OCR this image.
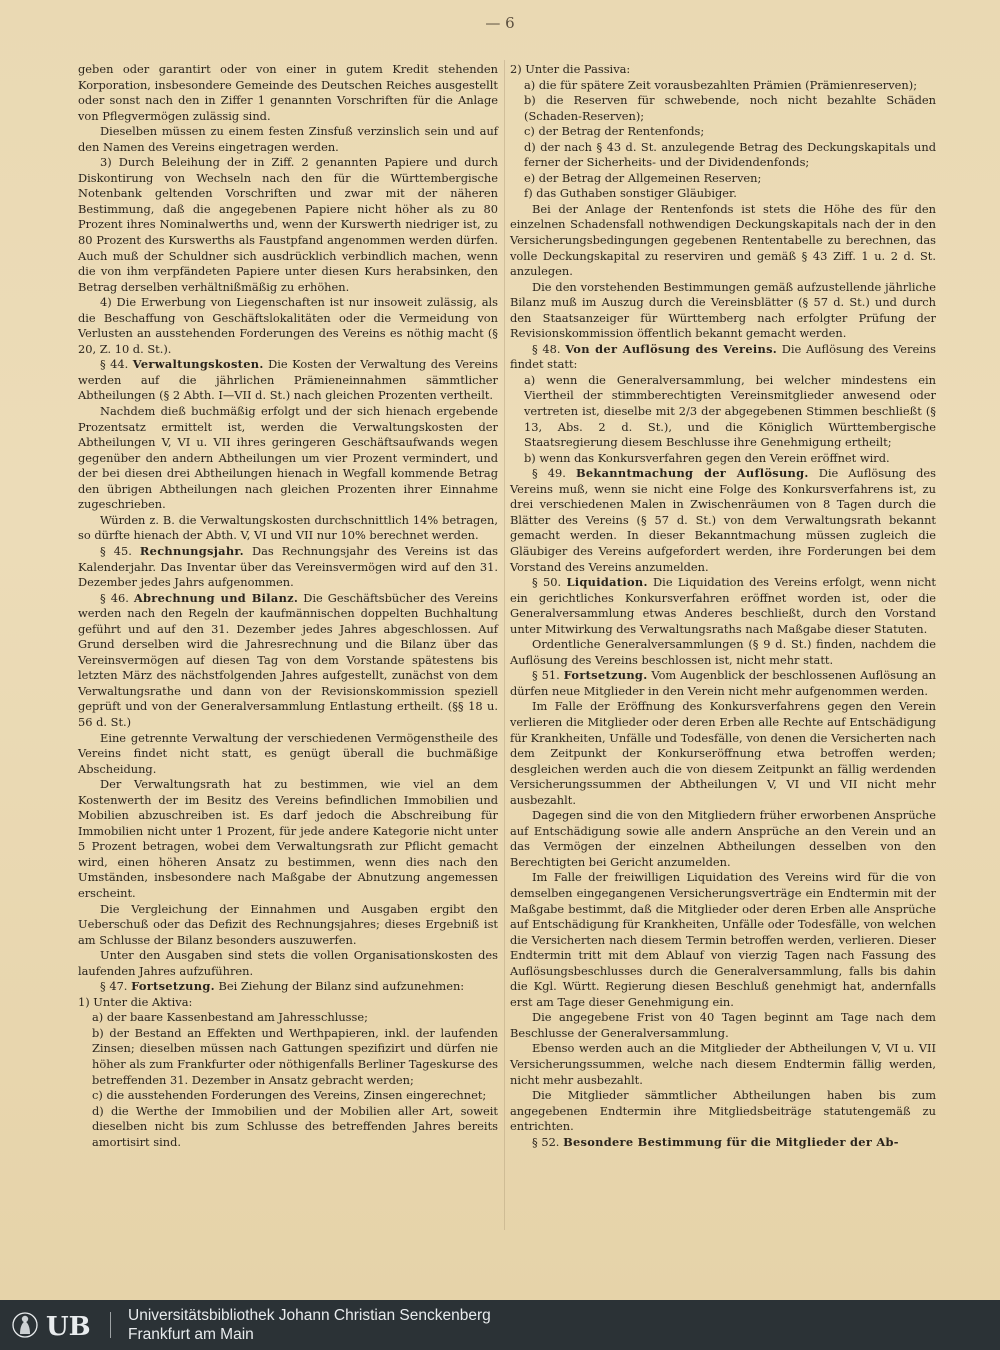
— 6

geben oder garantirt oder von einer in gutem Kredit stehenden Korporation, insbesondere Gemeinde des Deutschen Reiches ausgestellt oder sonst nach den in Ziffer 1 genannten Vorschriften für die Anlage von Pflegvermögen zulässig sind.

Dieselben müssen zu einem festen Zinsfuß verzinslich sein und auf den Namen des Vereins eingetragen werden.

3) Durch Beleihung der in Ziff. 2 genannten Papiere und durch Diskontirung von Wechseln nach den für die Württembergische Notenbank geltenden Vorschriften und zwar mit der näheren Bestimmung, daß die angegebenen Papiere nicht höher als zu 80 Prozent ihres Nominalwerths und, wenn der Kurswerth niedriger ist, zu 80 Prozent des Kurswerths als Faustpfand angenommen werden dürfen. Auch muß der Schuldner sich ausdrücklich verbindlich machen, wenn die von ihm verpfändeten Papiere unter diesen Kurs herabsinken, den Betrag derselben verhältnißmäßig zu erhöhen.

4) Die Erwerbung von Liegenschaften ist nur insoweit zulässig, als die Beschaffung von Geschäftslokalitäten oder die Vermeidung von Verlusten an ausstehenden Forderungen des Vereins es nöthig macht (§ 20, Z. 10 d. St.).

§ 44. Verwaltungskosten. Die Kosten der Verwaltung des Vereins werden auf die jährlichen Prämieneinnahmen sämmtlicher Abtheilungen (§ 2 Abth. I—VII d. St.) nach gleichen Prozenten vertheilt.

Nachdem dieß buchmäßig erfolgt und der sich hienach ergebende Prozentsatz ermittelt ist, werden die Verwaltungskosten der Abtheilungen V, VI u. VII ihres geringeren Geschäftsaufwands wegen gegenüber den andern Abtheilungen um vier Prozent vermindert, und der bei diesen drei Abtheilungen hienach in Wegfall kommende Betrag den übrigen Abtheilungen nach gleichen Prozenten ihrer Einnahme zugeschrieben.

Würden z. B. die Verwaltungskosten durchschnittlich 14% betragen, so dürfte hienach der Abth. V, VI und VII nur 10% berechnet werden.

§ 45. Rechnungsjahr. Das Rechnungsjahr des Vereins ist das Kalenderjahr. Das Inventar über das Vereinsvermögen wird auf den 31. Dezember jedes Jahrs aufgenommen.

§ 46. Abrechnung und Bilanz. Die Geschäftsbücher des Vereins werden nach den Regeln der kaufmännischen doppelten Buchhaltung geführt und auf den 31. Dezember jedes Jahres abgeschlossen. Auf Grund derselben wird die Jahresrechnung und die Bilanz über das Vereinsvermögen auf diesen Tag von dem Vorstande spätestens bis letzten März des nächstfolgenden Jahres aufgestellt, zunächst von dem Verwaltungsrathe und dann von der Revisionskommission speziell geprüft und von der Generalversammlung Entlastung ertheilt. (§§ 18 u. 56 d. St.)

Eine getrennte Verwaltung der verschiedenen Vermögenstheile des Vereins findet nicht statt, es genügt überall die buchmäßige Abscheidung.

Der Verwaltungsrath hat zu bestimmen, wie viel an dem Kostenwerth der im Besitz des Vereins befindlichen Immobilien und Mobilien abzuschreiben ist. Es darf jedoch die Abschreibung für Immobilien nicht unter 1 Prozent, für jede andere Kategorie nicht unter 5 Prozent betragen, wobei dem Verwaltungsrath zur Pflicht gemacht wird, einen höheren Ansatz zu bestimmen, wenn dies nach den Umständen, insbesondere nach Maßgabe der Abnutzung angemessen erscheint.

Die Vergleichung der Einnahmen und Ausgaben ergibt den Ueberschuß oder das Defizit des Rechnungsjahres; dieses Ergebniß ist am Schlusse der Bilanz besonders auszuwerfen.

Unter den Ausgaben sind stets die vollen Organisationskosten des laufenden Jahres aufzuführen.

§ 47. Fortsetzung. Bei Ziehung der Bilanz sind aufzunehmen:

1) Unter die Aktiva:

a) der baare Kassenbestand am Jahresschlusse;

b) der Bestand an Effekten und Werthpapieren, inkl. der laufenden Zinsen; dieselben müssen nach Gattungen spezifizirt und dürfen nie höher als zum Frankfurter oder nöthigenfalls Berliner Tageskurse des betreffenden 31. Dezember in Ansatz gebracht werden;

c) die ausstehenden Forderungen des Vereins, Zinsen eingerechnet;

d) die Werthe der Immobilien und der Mobilien aller Art, soweit dieselben nicht bis zum Schlusse des betreffenden Jahres bereits amortisirt sind.

2) Unter die Passiva:

a) die für spätere Zeit vorausbezahlten Prämien (Prämienreserven);

b) die Reserven für schwebende, noch nicht bezahlte Schäden (Schaden-Reserven);

c) der Betrag der Rentenfonds;

d) der nach § 43 d. St. anzulegende Betrag des Deckungskapitals und ferner der Sicherheits- und der Dividendenfonds;

e) der Betrag der Allgemeinen Reserven;

f) das Guthaben sonstiger Gläubiger.

Bei der Anlage der Rentenfonds ist stets die Höhe des für den einzelnen Schadensfall nothwendigen Deckungskapitals nach der in den Versicherungsbedingungen gegebenen Rententabelle zu berechnen, das volle Deckungskapital zu reserviren und gemäß § 43 Ziff. 1 u. 2 d. St. anzulegen.

Die den vorstehenden Bestimmungen gemäß aufzustellende jährliche Bilanz muß im Auszug durch die Vereinsblätter (§ 57 d. St.) und durch den Staatsanzeiger für Württemberg nach erfolgter Prüfung der Revisionskommission öffentlich bekannt gemacht werden.

§ 48. Von der Auflösung des Vereins. Die Auflösung des Vereins findet statt:

a) wenn die Generalversammlung, bei welcher mindestens ein Viertheil der stimmberechtigten Vereinsmitglieder anwesend oder vertreten ist, dieselbe mit 2/3 der abgegebenen Stimmen beschließt (§ 13, Abs. 2 d. St.), und die Königlich Württembergische Staatsregierung diesem Beschlusse ihre Genehmigung ertheilt;

b) wenn das Konkursverfahren gegen den Verein eröffnet wird.

§ 49. Bekanntmachung der Auflösung. Die Auflösung des Vereins muß, wenn sie nicht eine Folge des Konkursverfahrens ist, zu drei verschiedenen Malen in Zwischenräumen von 8 Tagen durch die Blätter des Vereins (§ 57 d. St.) von dem Verwaltungsrath bekannt gemacht werden. In dieser Bekanntmachung müssen zugleich die Gläubiger des Vereins aufgefordert werden, ihre Forderungen bei dem Vorstand des Vereins anzumelden.

§ 50. Liquidation. Die Liquidation des Vereins erfolgt, wenn nicht ein gerichtliches Konkursverfahren eröffnet worden ist, oder die Generalversammlung etwas Anderes beschließt, durch den Vorstand unter Mitwirkung des Verwaltungsraths nach Maßgabe dieser Statuten.

Ordentliche Generalversammlungen (§ 9 d. St.) finden, nachdem die Auflösung des Vereins beschlossen ist, nicht mehr statt.

§ 51. Fortsetzung. Vom Augenblick der beschlossenen Auflösung an dürfen neue Mitglieder in den Verein nicht mehr aufgenommen werden.

Im Falle der Eröffnung des Konkursverfahrens gegen den Verein verlieren die Mitglieder oder deren Erben alle Rechte auf Entschädigung für Krankheiten, Unfälle und Todesfälle, von denen die Versicherten nach dem Zeitpunkt der Konkurseröffnung etwa betroffen werden; desgleichen werden auch die von diesem Zeitpunkt an fällig werdenden Versicherungssummen der Abtheilungen V, VI und VII nicht mehr ausbezahlt.

Dagegen sind die von den Mitgliedern früher erworbenen Ansprüche auf Entschädigung sowie alle andern Ansprüche an den Verein und an das Vermögen der einzelnen Abtheilungen desselben von den Berechtigten bei Gericht anzumelden.

Im Falle der freiwilligen Liquidation des Vereins wird für die von demselben eingegangenen Versicherungsverträge ein Endtermin mit der Maßgabe bestimmt, daß die Mitglieder oder deren Erben alle Ansprüche auf Entschädigung für Krankheiten, Unfälle oder Todesfälle, von welchen die Versicherten nach diesem Termin betroffen werden, verlieren. Dieser Endtermin tritt mit dem Ablauf von vierzig Tagen nach Fassung des Auflösungsbeschlusses durch die Generalversammlung, falls bis dahin die Kgl. Württ. Regierung diesen Beschluß genehmigt hat, andernfalls erst am Tage dieser Genehmigung ein.

Die angegebene Frist von 40 Tagen beginnt am Tage nach dem Beschlusse der Generalversammlung.

Ebenso werden auch an die Mitglieder der Abtheilungen V, VI u. VII Versicherungssummen, welche nach diesem Endtermin fällig werden, nicht mehr ausbezahlt.

Die Mitglieder sämmtlicher Abtheilungen haben bis zum angegebenen Endtermin ihre Mitgliedsbeiträge statutengemäß zu entrichten.

§ 52. Besondere Bestimmung für die Mitglieder der Ab-

UB Universitätsbibliothek Johann Christian Senckenberg
Frankfurt am Main
